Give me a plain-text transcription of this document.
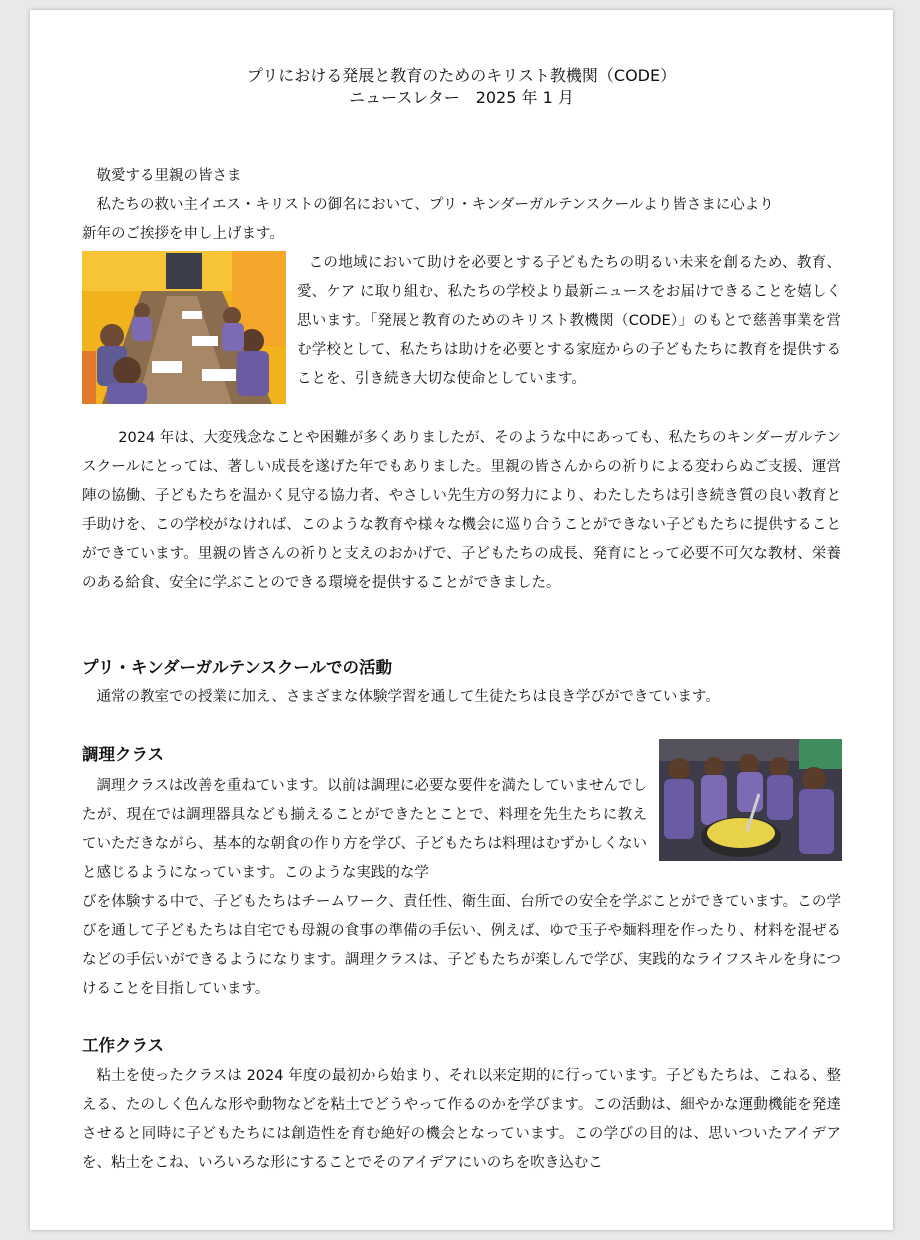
プリにおける発展と教育のためのキリスト教機関（CODE）
ニュースレター　2025 年 1 月
敬愛する里親の皆さま
私たちの救い主イエス・キリストの御名において、プリ・キンダーガルテンスクールより皆さまに心より
新年のご挨拶を申し上げます。
この地域において助けを必要とする子どもたちの明るい未来を創るため、教育、愛、ケア に取り組む、私たちの学校より最新ニュースをお届けできることを嬉しく思います。「発展と教育のためのキリスト教機関（CODE）」のもとで慈善事業を営む学校として、私たちは助けを必要とする家庭からの子どもたちに教育を提供することを、引き続き大切な使命としています。
2024 年は、大変残念なことや困難が多くありましたが、そのような中にあっても、私たちのキンダーガルテンスクールにとっては、著しい成長を遂げた年でもありました。里親の皆さんからの祈りによる変わらぬご支援、運営陣の協働、子どもたちを温かく見守る協力者、やさしい先生方の努力により、わたしたちは引き続き質の良い教育と手助けを、この学校がなければ、このような教育や様々な機会に巡り合うことができない子どもたちに提供することができています。里親の皆さんの祈りと支えのおかげで、子どもたちの成長、発育にとって必要不可欠な教材、栄養のある給食、安全に学ぶことのできる環境を提供することができました。
プリ・キンダーガルテンスクールでの活動
通常の教室での授業に加え、さまざまな体験学習を通して生徒たちは良き学びができています。
調理クラス
調理クラスは改善を重ねています。以前は調理に必要な要件を満たしていませんでしたが、現在では調理器具なども揃えることができたとことで、料理を先生たちに教えていただきながら、基本的な朝食の作り方を学び、子どもたちは料理はむずかしくないと感じるようになっています。このような実践的な学
びを体験する中で、子どもたちはチームワーク、責任性、衛生面、台所での安全を学ぶことができています。この学びを通して子どもたちは自宅でも母親の食事の準備の手伝い、例えば、ゆで玉子や麺料理を作ったり、材料を混ぜるなどの手伝いができるようになります。調理クラスは、子どもたちが楽しんで学び、実践的なライフスキルを身につけることを目指しています。
工作クラス
粘土を使ったクラスは 2024 年度の最初から始まり、それ以来定期的に行っています。子どもたちは、こねる、整える、たのしく色んな形や動物などを粘土でどうやって作るのかを学びます。この活動は、細やかな運動機能を発達させると同時に子どもたちには創造性を育む絶好の機会となっています。この学びの目的は、思いついたアイデアを、粘土をこね、いろいろな形にすることでそのアイデアにいのちを吹き込むこ
